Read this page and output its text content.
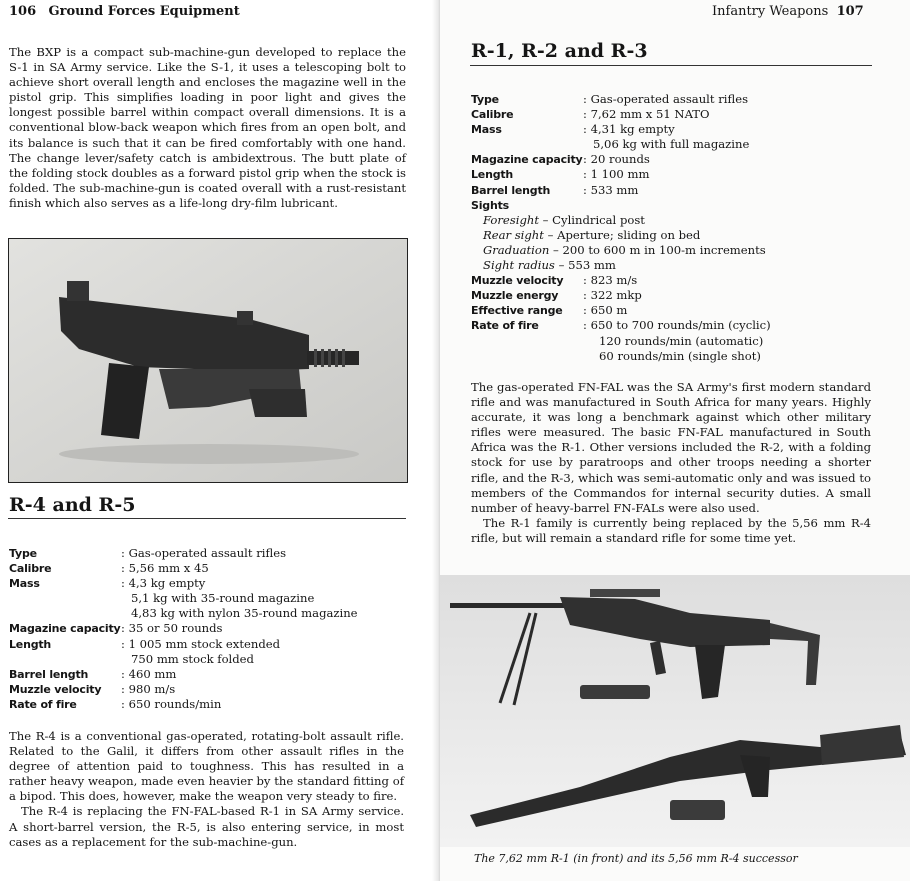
106 Ground Forces Equipment

The BXP is a compact sub-machine-gun developed to replace the S-1 in SA Army service. Like the S-1, it uses a telescoping bolt to achieve short overall length and encloses the magazine well in the pistol grip. This simplifies loading in poor light and gives the longest possible barrel within compact overall dimensions. It is a conventional blow-back weapon which fires from an open bolt, and its balance is such that it can be fired comfortably with one hand. The change lever/safety catch is ambidextrous. The butt plate of the folding stock doubles as a forward pistol grip when the stock is folded. The sub-machine-gun is coated overall with a rust-resistant finish which also serves as a life-long dry-film lubricant.

R-4 and R-5
Type	: Gas-operated assault rifles
Calibre	: 5,56 mm x 45
Mass	: 4,3 kg empty
5,1 kg with 35-round magazine
4,83 kg with nylon 35-round magazine
Magazine capacity : 35 or 50 rounds
Length	: 1 005 mm stock extended
750 mm stock folded
Barrel length	: 460 mm
Muzzle velocity	: 980 m/s
Rate of fire	: 650 rounds/min

The R-4 is a conventional gas-operated, rotating-bolt assault rifle. Related to the Galil, it differs from other assault rifles in the degree of attention paid to toughness. This has resulted in a rather heavy weapon, made even heavier by the standard fitting of a bipod. This does, however, make the weapon very steady to fire.

The R-4 is replacing the FN-FAL-based R-1 in SA Army service. A short-barrel version, the R-5, is also entering service, in most cases as a replacement for the sub-machine-gun.

Infantry Weapons 107
R-1, R-2 and R-3
Type	: Gas-operated assault rifles
Calibre	: 7,62 mm x 51 NATO
Mass	: 4,31 kg empty
5,06 kg with full magazine
Magazine capacity : 20 rounds
Length	: 1 100 mm
Barrel length	: 533 mm
Sights
Foresight – Cylindrical post
Rear sight – Aperture; sliding on bed
Graduation – 200 to 600 m in 100-m increments
Sight radius – 553 mm
Muzzle velocity	: 823 m/s
Muzzle energy	: 322 mkp
Effective range	: 650 m
Rate of fire	: 650 to 700 rounds/min (cyclic)
120 rounds/min (automatic)
60 rounds/min (single shot)

The gas-operated FN-FAL was the SA Army's first modern standard rifle and was manufactured in South Africa for many years. Highly accurate, it was long a benchmark against which other military rifles were measured. The basic FN-FAL manufactured in South Africa was the R-1. Other versions included the R-2, with a folding stock for use by paratroops and other troops needing a shorter rifle, and the R-3, which was semi-automatic only and was issued to members of the Commandos for internal security duties. A small number of heavy-barrel FN-FALs were also used.

The R-1 family is currently being replaced by the 5,56 mm R-4 rifle, but will remain a standard rifle for some time yet.

The 7,62 mm R-1 (in front) and its 5,56 mm R-4 successor
